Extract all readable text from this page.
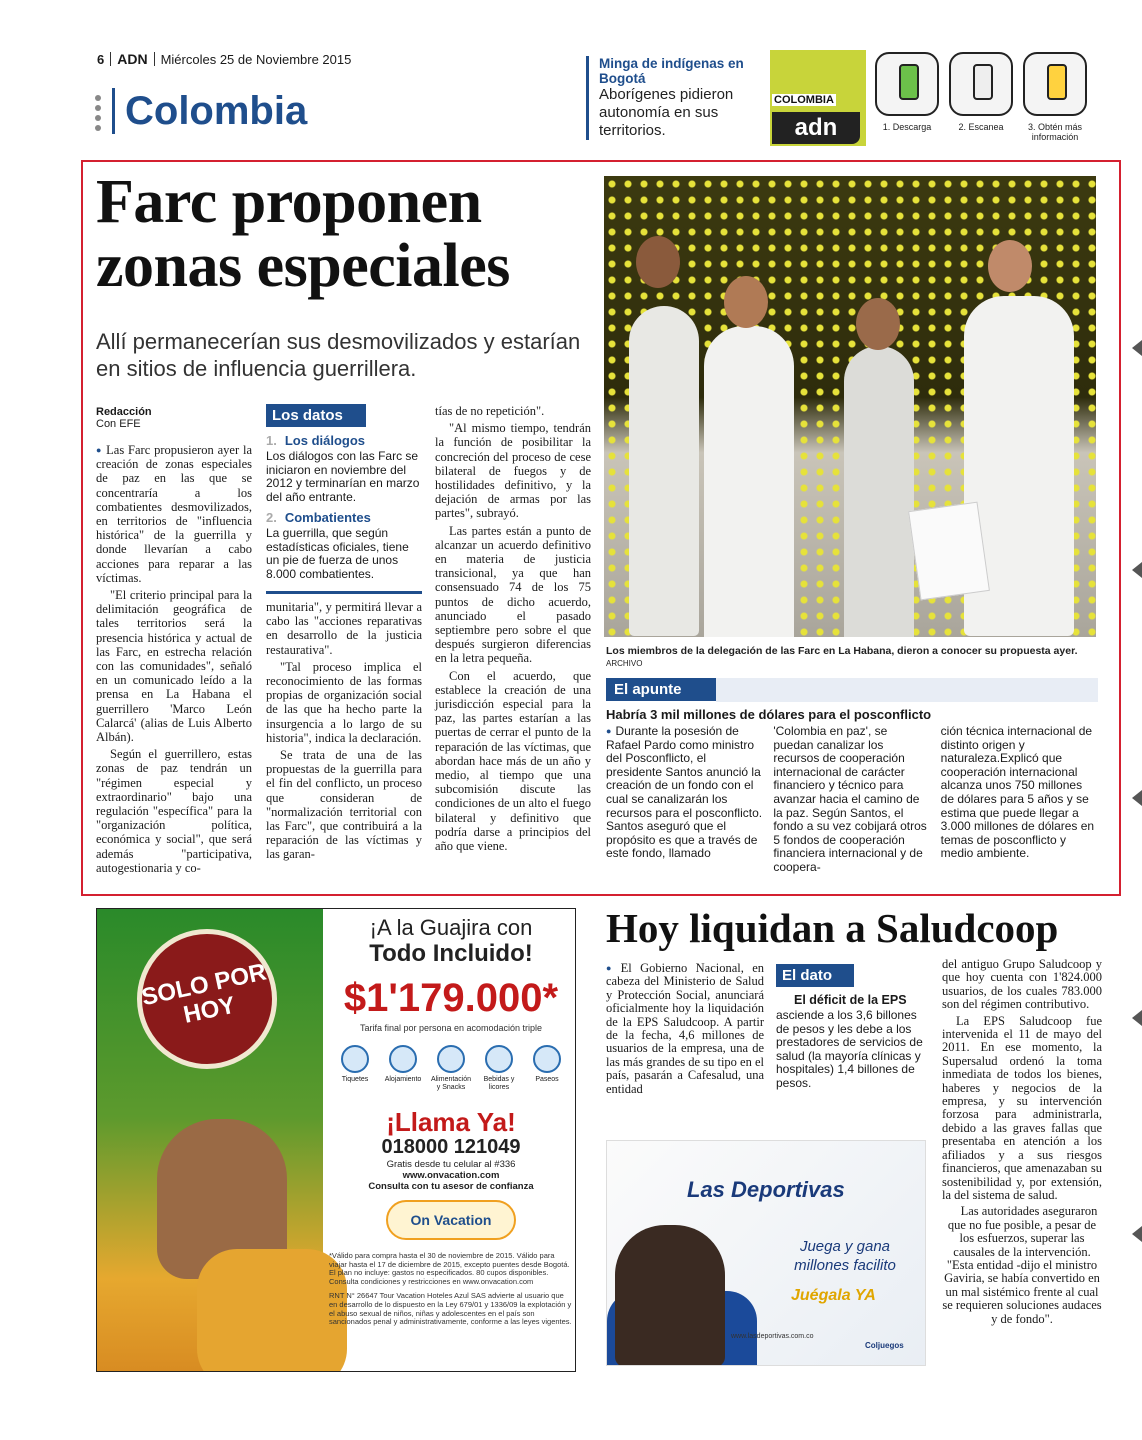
6 ADN Miércoles 25 de Noviembre 2015
Colombia
Minga de indígenas en Bogotá
Aborígenes pidieron autonomía en sus territorios.
COLOMBIA
adn	1. Descarga	2. Escanea	3. Obtén más información
Farc proponen zonas especiales
Allí permanecerían sus desmovilizados y estarían en sitios de influencia guerrillera.
Los miembros de la delegación de las Farc en La Habana, dieron a conocer su propuesta ayer. ARCHIVO
Redacción
Con EFE

● Las Farc propusieron ayer la creación de zonas especiales de paz en las que se concentraría a los combatientes desmovilizados, en territorios de "influencia histórica" de la guerrilla y donde llevarían a cabo acciones para reparar a las víctimas.

"El criterio principal para la delimitación geográfica de tales territorios será la presencia histórica y actual de las Farc, en estrecha relación con las comunidades", señaló en un comunicado leído a la prensa en La Habana el guerrillero 'Marco León Calarcá' (alias de Luis Alberto Albán).

Según el guerrillero, estas zonas de paz tendrán un "régimen especial y extraordinario" bajo una regulación "específica" para la "organización política, económica y social", que será además "participativa, autogestionaria y co-

Los datos
1. Los diálogos

Los diálogos con las Farc se iniciaron en noviembre del 2012 y terminarían en marzo del año entrante.

2. Combatientes

La guerrilla, que según estadísticas oficiales, tiene un pie de fuerza de unos 8.000 combatientes.

munitaria", y permitirá llevar a cabo las "acciones reparativas en desarrollo de la justicia restaurativa".

"Tal proceso implica el reconocimiento de las formas propias de organización social de las que ha hecho parte la insurgencia a lo largo de su historia", indica la declaración.

Se trata de una de las propuestas de la guerrilla para el fin del conflicto, un proceso que consideran de "normalización territorial con las Farc", que contribuirá a la reparación de las víctimas y las garan-

tías de no repetición".

"Al mismo tiempo, tendrán la función de posibilitar la concreción del proceso de cese bilateral de fuegos y de hostilidades definitivo, y la dejación de armas por las partes", subrayó.

Las partes están a punto de alcanzar un acuerdo definitivo en materia de justicia transicional, ya que han consensuado 74 de los 75 puntos de dicho acuerdo, anunciado el pasado septiembre pero sobre el que después surgieron diferencias en la letra pequeña.

Con el acuerdo, que establece la creación de una jurisdicción especial para la paz, las partes estarían a las puertas de cerrar el punto de la reparación de las víctimas, que abordan hace más de un año y medio, al tiempo que una subcomisión discute las condiciones de un alto el fuego bilateral y definitivo que podría darse a principios del año que viene.

El apunte
Habría 3 mil millones de dólares para el posconflicto

● Durante la posesión de Rafael Pardo como ministro del Posconflicto, el presidente Santos anunció la creación de un fondo con el cual se canalizarán los recursos para el posconflicto. Santos aseguró que el propósito es que a través de este fondo, llamado

'Colombia en paz', se puedan canalizar los recursos de cooperación internacional de carácter financiero y técnico para avanzar hacia el camino de la paz. Según Santos, el fondo a su vez cobijará otros 5 fondos de cooperación financiera internacional y de coopera-

ción técnica internacional de distinto origen y naturaleza.Explicó que cooperación internacional alcanza unos 750 millones de dólares para 5 años y se estima que puede llegar a 3.000 millones de dólares en temas de posconflicto y medio ambiente.

SOLO POR HOY
¡A la Guajira con
Todo Incluido!
$1'179.000*
Tarifa final por persona en acomodación triple
Tiquetes	Alojamiento	Alimentación y Snacks
Bebidas y licores
Paseos
¡Llama Ya!
018000 121049
Gratis desde tu celular al #336
www.onvacation.com
Consulta con tu asesor de confianza
On Vacation
*Válido para compra hasta el 30 de noviembre de 2015. Válido para viajar hasta el 17 de diciembre de 2015, excepto puentes desde Bogotá. El plan no incluye: gastos no especificados. 80 cupos disponibles. Consulta condiciones y restricciones en www.onvacation.com
RNT N° 26647 Tour Vacation Hoteles Azul SAS advierte al usuario que en desarrollo de lo dispuesto en la Ley 679/01 y 1336/09 la explotación y el abuso sexual de niños, niñas y adolescentes en el país son sancionados penal y administrativamente, conforme a las leyes vigentes.
Hoy liquidan a Saludcoop

● El Gobierno Nacional, en cabeza del Ministerio de Salud y Protección Social, anunciará oficialmente hoy la liquidación de la EPS Saludcoop. A partir de la fecha, 4,6 millones de usuarios de la empresa, una de las más grandes de su tipo en el país, pasarán a Cafesalud, una entidad

El dato
El déficit de la EPS
asciende a los 3,6 billones de pesos y les debe a los prestadores de servicios de salud (la mayoría clínicas y hospitales) 1,4 billones de pesos.

del antiguo Grupo Saludcoop y que hoy cuenta con 1'824.000 usuarios, de los cuales 783.000 son del régimen contributivo.

La EPS Saludcoop fue intervenida el 11 de mayo del 2011. En ese momento, la Supersalud ordenó la toma inmediata de todos los bienes, haberes y negocios de la empresa, y su intervención forzosa para administrarla, debido a las graves fallas que presentaba en atención a los afiliados y a sus riesgos financieros, que amenazaban su sostenibilidad y, por extensión, la del sistema de salud.

Las autoridades aseguraron que no fue posible, a pesar de los esfuerzos, superar las causales de la intervención. "Esta entidad -dijo el ministro Gaviria, se había convertido en un mal sistémico frente al cual se requieren soluciones audaces y de fondo".

Las Deportivas
Juega y gana millones facilito
Juégala YA
www.lasdeportivas.com.co
Coljuegos
